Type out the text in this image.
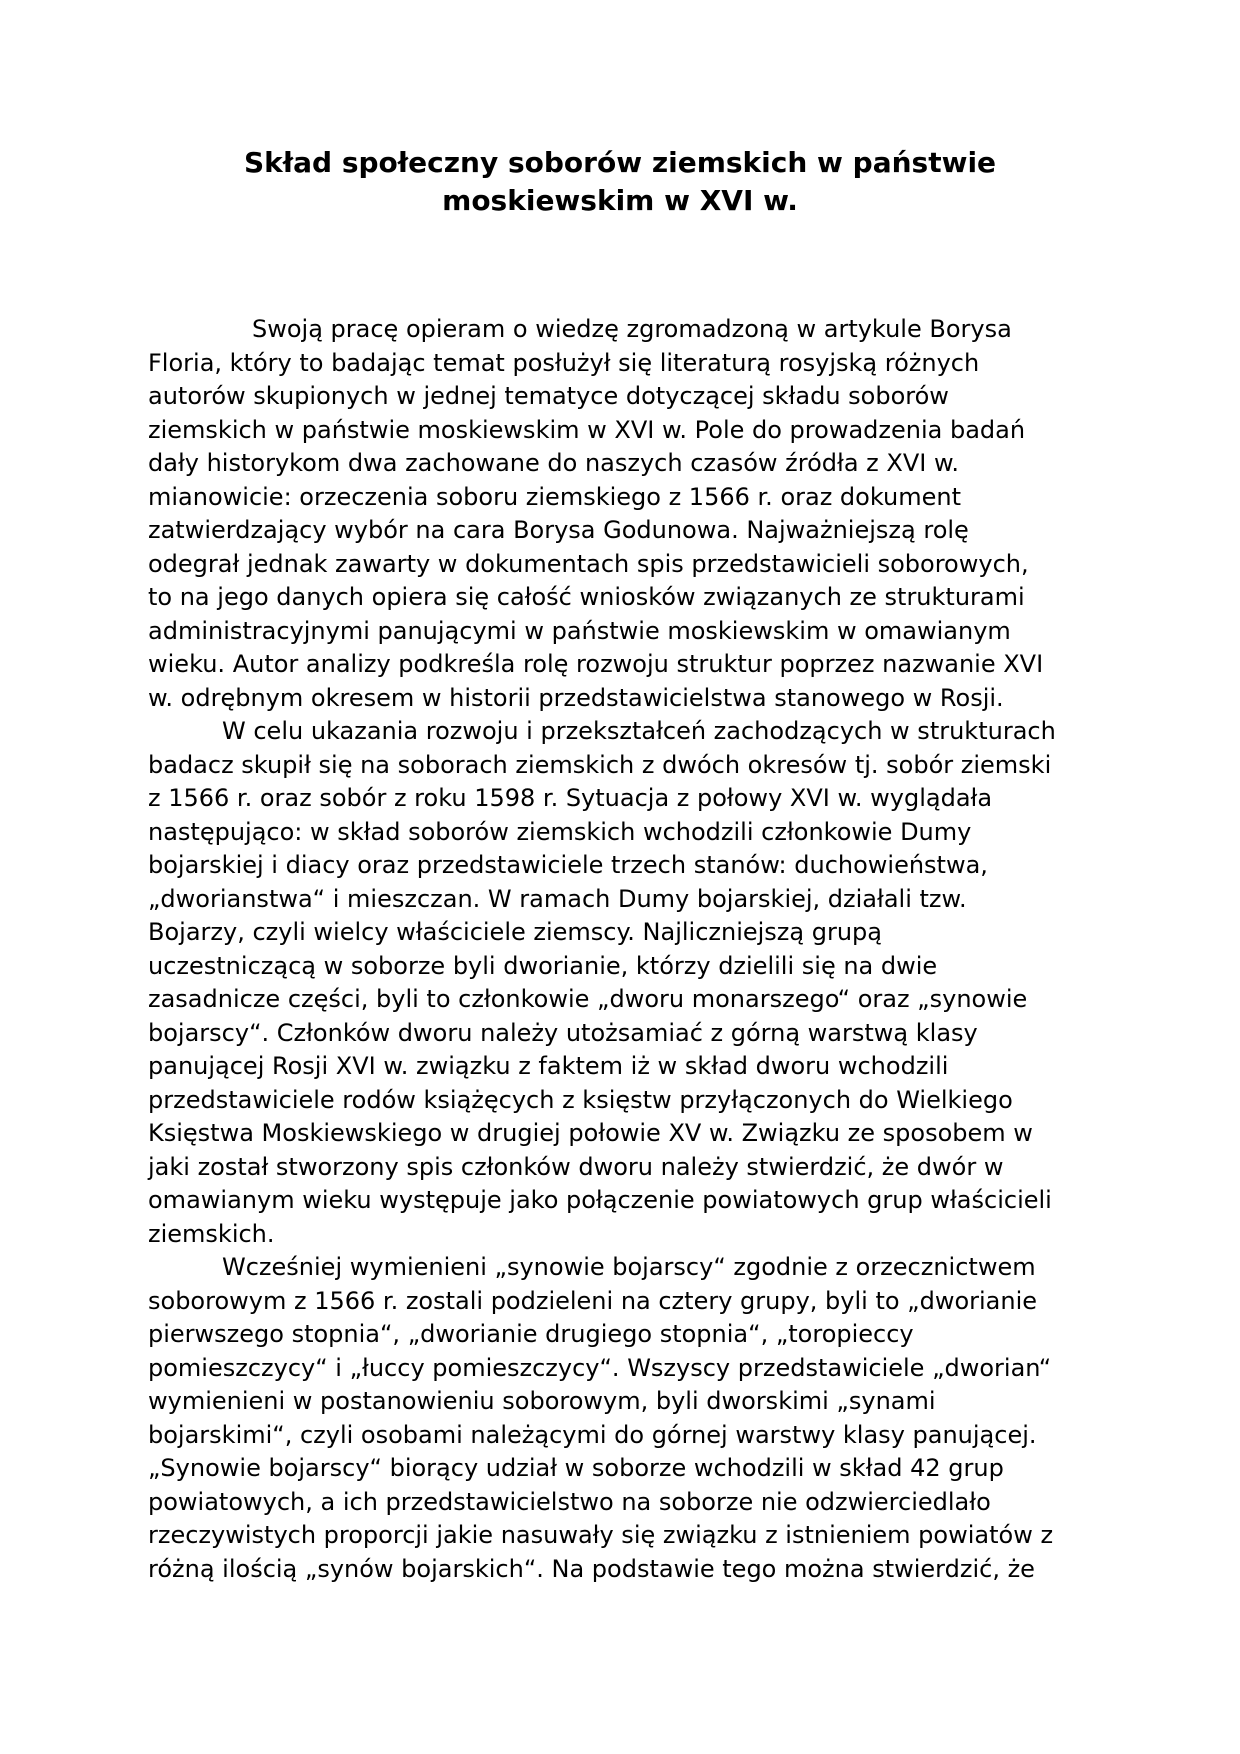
Skład społeczny soborów ziemskich w państwie
moskiewskim w XVI w.
Swoją pracę opieram o wiedzę zgromadzoną w artykule Borysa
Floria, który to badając temat posłużył się literaturą rosyjską różnych
autorów skupionych w jednej tematyce dotyczącej składu soborów
ziemskich w państwie moskiewskim w XVI w. Pole do prowadzenia badań
dały historykom dwa zachowane do naszych czasów źródła z XVI w.
mianowicie: orzeczenia soboru ziemskiego z 1566 r. oraz dokument
zatwierdzający wybór na cara Borysa Godunowa. Najważniejszą rolę
odegrał jednak zawarty w dokumentach spis przedstawicieli soborowych,
to na jego danych opiera się całość wniosków związanych ze strukturami
administracyjnymi panującymi w państwie moskiewskim w omawianym
wieku. Autor analizy podkreśla rolę rozwoju struktur poprzez nazwanie XVI
w. odrębnym okresem w historii przedstawicielstwa stanowego w Rosji.
W celu ukazania rozwoju i przekształceń zachodzących w strukturach
badacz skupił się na soborach ziemskich z dwóch okresów tj. sobór ziemski
z 1566 r. oraz sobór z roku 1598 r. Sytuacja z połowy XVI w. wyglądała
następująco: w skład soborów ziemskich wchodzili członkowie Dumy
bojarskiej i diacy oraz przedstawiciele trzech stanów: duchowieństwa,
„dworianstwa“ i mieszczan. W ramach Dumy bojarskiej, działali tzw.
Bojarzy, czyli wielcy właściciele ziemscy. Najliczniejszą grupą
uczestniczącą w soborze byli dworianie, którzy dzielili się na dwie
zasadnicze części, byli to członkowie „dworu monarszego“ oraz „synowie
bojarscy“. Członków dworu należy utożsamiać z górną warstwą klasy
panującej Rosji XVI w. związku z faktem iż w skład dworu wchodzili
przedstawiciele rodów książęcych z księstw przyłączonych do Wielkiego
Księstwa Moskiewskiego w drugiej połowie XV w. Związku ze sposobem w
jaki został stworzony spis członków dworu należy stwierdzić, że dwór w
omawianym wieku występuje jako połączenie powiatowych grup właścicieli
ziemskich.
Wcześniej wymienieni „synowie bojarscy“ zgodnie z orzecznictwem
soborowym z 1566 r. zostali podzieleni na cztery grupy, byli to „dworianie
pierwszego stopnia“, „dworianie drugiego stopnia“, „toropieccy
pomieszczycy“ i „łuccy pomieszczycy“. Wszyscy przedstawiciele „dworian“
wymienieni w postanowieniu soborowym, byli dworskimi „synami
bojarskimi“, czyli osobami należącymi do górnej warstwy klasy panującej.
„Synowie bojarscy“ biorący udział w soborze wchodzili w skład 42 grup
powiatowych, a ich przedstawicielstwo na soborze nie odzwierciedlało
rzeczywistych proporcji jakie nasuwały się związku z istnieniem powiatów z
różną ilością „synów bojarskich“. Na podstawie tego można stwierdzić, że
